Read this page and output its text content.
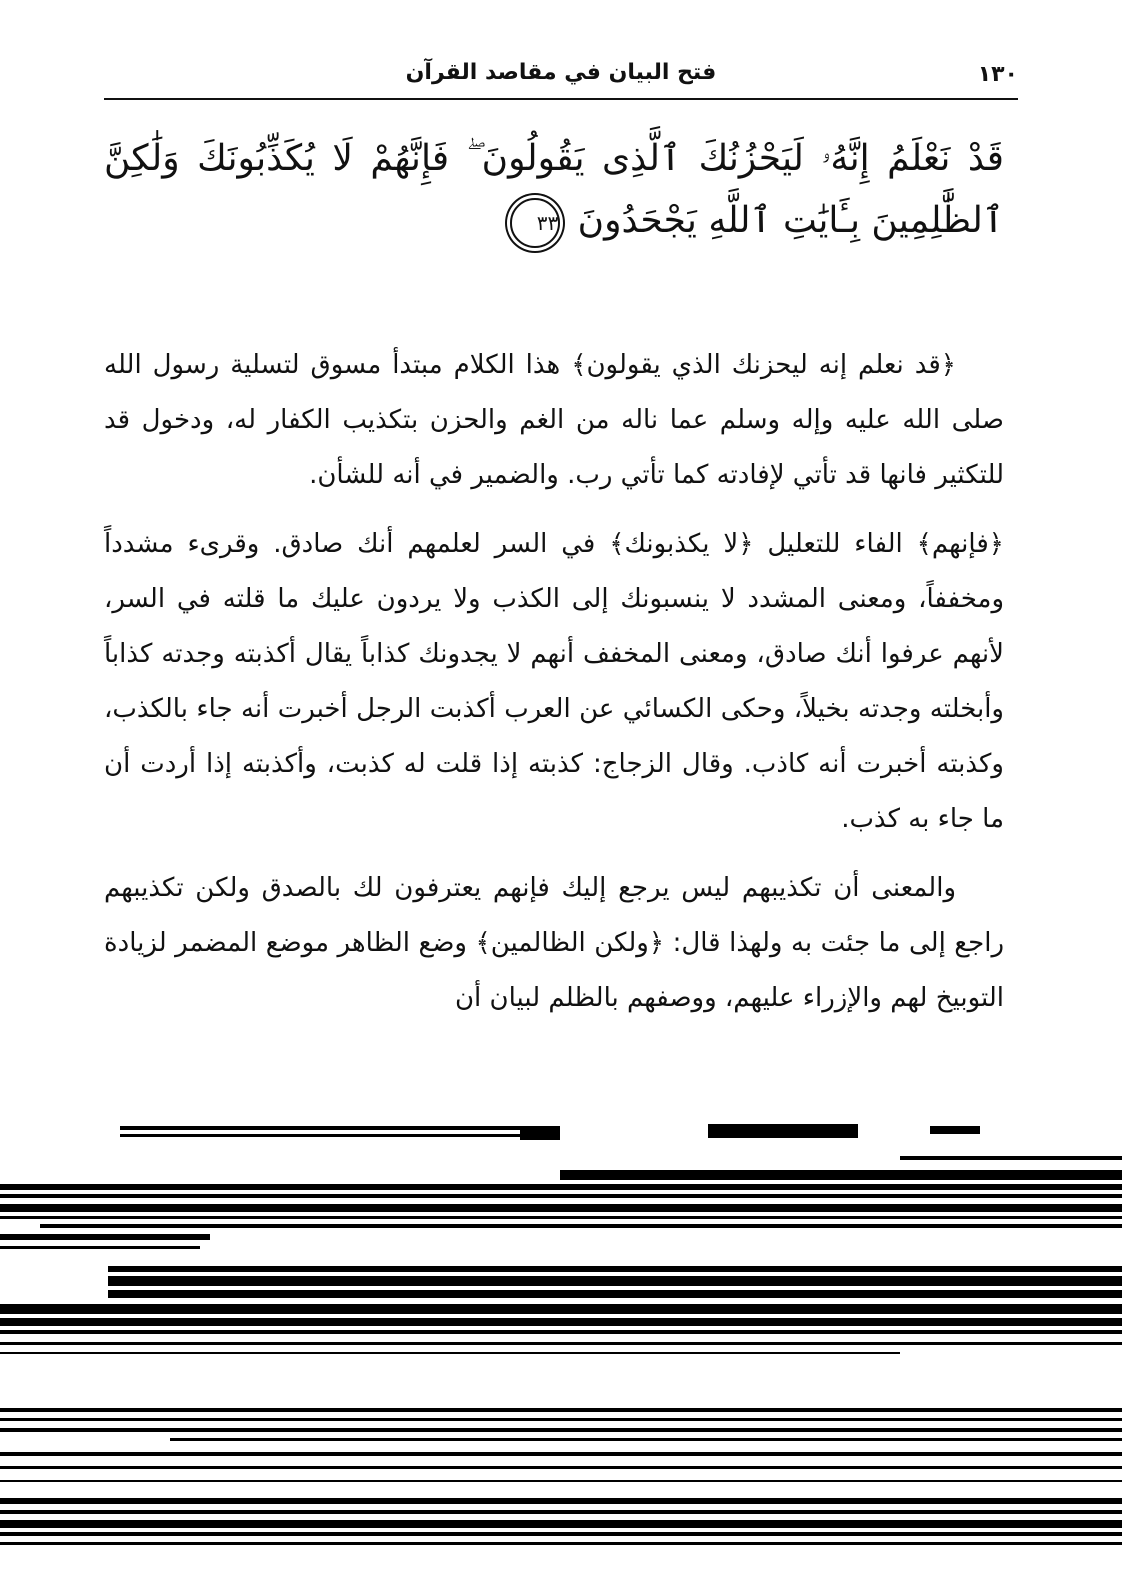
فتح البيان في مقاصد القرآن	١٣٠
قَدْ نَعْلَمُ إِنَّهُۥ لَيَحْزُنُكَ ٱلَّذِى يَقُولُونَ ۖ فَإِنَّهُمْ لَا يُكَذِّبُونَكَ وَلَٰكِنَّ ٱلظَّٰلِمِينَ بِـَٔايَٰتِ ٱللَّهِ يَجْحَدُونَ ٣٣

﴿قد نعلم إنه ليحزنك الذي يقولون﴾ هذا الكلام مبتدأ مسوق لتسلية رسول الله صلى الله عليه وإله وسلم عما ناله من الغم والحزن بتكذيب الكفار له، ودخول قد للتكثير فانها قد تأتي لإفادته كما تأتي رب. والضمير في أنه للشأن.

﴿فإنهم﴾ الفاء للتعليل ﴿لا يكذبونك﴾ في السر لعلمهم أنك صادق. وقرىء مشدداً ومخففاً، ومعنى المشدد لا ينسبونك إلى الكذب ولا يردون عليك ما قلته في السر، لأنهم عرفوا أنك صادق، ومعنى المخفف أنهم لا يجدونك كذاباً يقال أكذبته وجدته كذاباً وأبخلته وجدته بخيلاً، وحكى الكسائي عن العرب أكذبت الرجل أخبرت أنه جاء بالكذب، وكذبته أخبرت أنه كاذب. وقال الزجاج: كذبته إذا قلت له كذبت، وأكذبته إذا أردت أن ما جاء به كذب.

والمعنى أن تكذيبهم ليس يرجع إليك فإنهم يعترفون لك بالصدق ولكن تكذيبهم راجع إلى ما جئت به ولهذا قال: ﴿ولكن الظالمين﴾ وضع الظاهر موضع المضمر لزيادة التوبيخ لهم والإزراء عليهم، ووصفهم بالظلم لبيان أن
